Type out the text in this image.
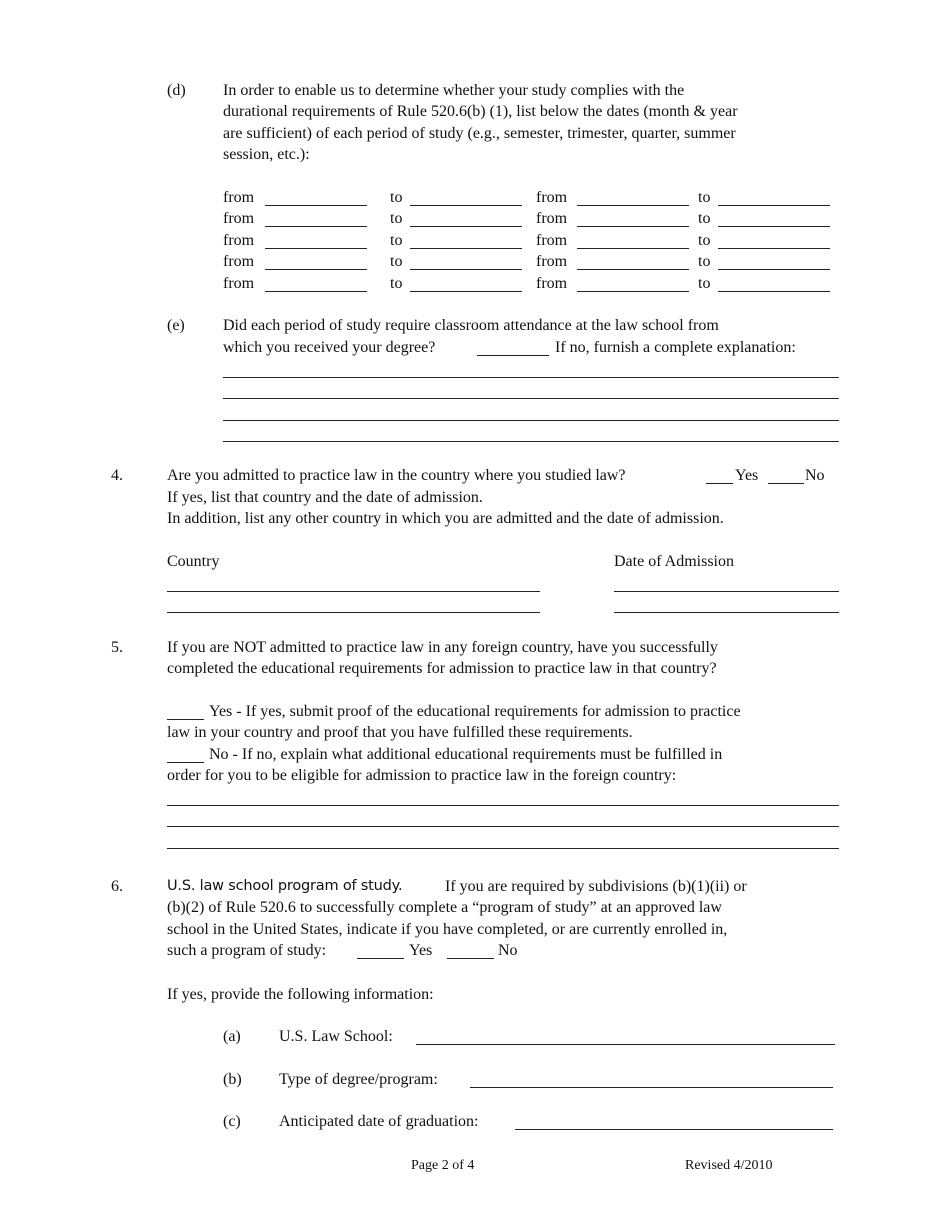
(d) In order to enable us to determine whether your study complies with the
durational requirements of Rule 520.6(b) (1), list below the dates (month & year
are sufficient) of each period of study (e.g., semester, trimester, quarter, summer
session, etc.):
from	to	from	to
from	to	from	to
from	to	from	to
from	to	from	to
from	to	from	to
(e) Did each period of study require classroom attendance at the law school from
which you received your degree?	If no, furnish a complete explanation:
4.	Are you admitted to practice law in the country where you studied law?	Yes	No
If yes, list that country and the date of admission.
In addition, list any other country in which you are admitted and the date of admission.
Country	Date of Admission
5.	If you are NOT admitted to practice law in any foreign country, have you successfully
completed the educational requirements for admission to practice law in that country?
Yes - If yes, submit proof of the educational requirements for admission to practice
law in your country and proof that you have fulfilled these requirements.
No - If no, explain what additional educational requirements must be fulfilled in
order for you to be eligible for admission to practice law in the foreign country:
6.	U.S. law school program of study.	If you are required by subdivisions (b)(1)(ii) or
(b)(2) of Rule 520.6 to successfully complete a “program of study” at an approved law
school in the United States, indicate if you have completed, or are currently enrolled in,
such a program of study:	Yes	No
If yes, provide the following information:
(a) U.S. Law School:
(b) Type of degree/program:
(c) Anticipated date of graduation:
Page 2 of 4	Revised 4/2010
